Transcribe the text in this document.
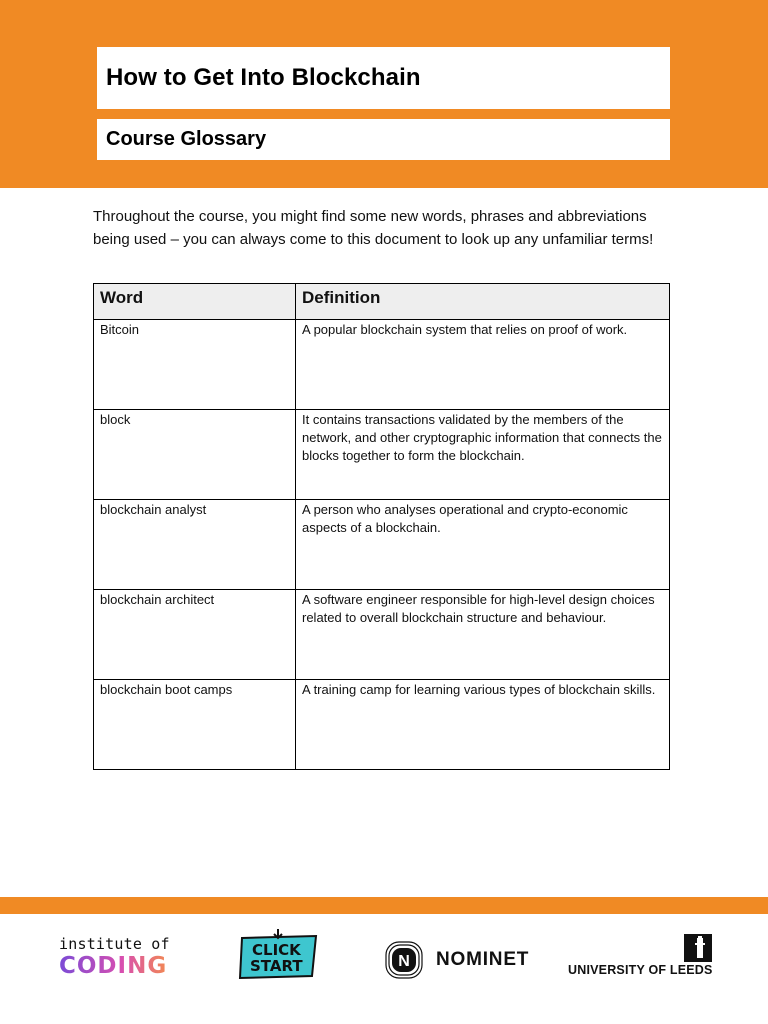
How to Get Into Blockchain
Course Glossary

Throughout the course, you might find some new words, phrases and abbreviations being used – you can always come to this document to look up any unfamiliar terms!

Word	Definition
Bitcoin	A popular blockchain system that relies on proof of work.
block	It contains transactions validated by the members of the network, and other cryptographic information that connects the blocks together to form the blockchain.
blockchain analyst	A person who analyses operational and crypto-economic aspects of a blockchain.
blockchain architect	A software engineer responsible for high-level design choices related to overall blockchain structure and behaviour.
blockchain boot camps	A training camp for learning various types of blockchain skills.
institute of
CODING
CLICK
START	N NOMINET	UNIVERSITY OF LEEDS
